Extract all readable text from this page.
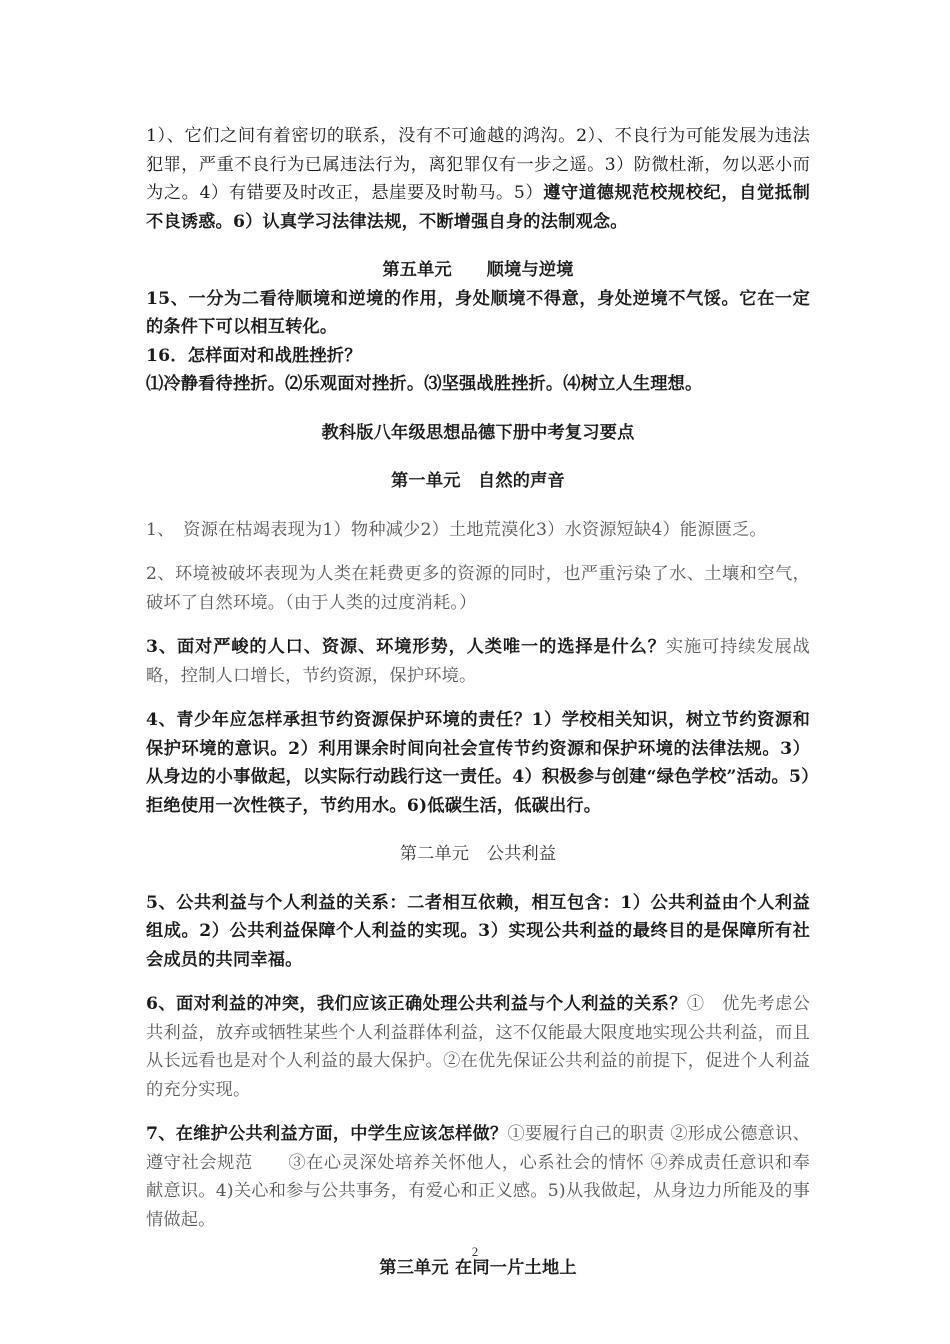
1）、它们之间有着密切的联系，没有不可逾越的鸿沟。2）、不良行为可能发展为违法犯罪，严重不良行为已属违法行为，离犯罪仅有一步之遥。3）防微杜渐，勿以恶小而为之。4）有错要及时改正，悬崖要及时勒马。5）遵守道德规范校规校纪，自觉抵制不良诱惑。6）认真学习法律法规，不断增强自身的法制观念。

第五单元　　顺境与逆境

15、一分为二看待顺境和逆境的作用，身处顺境不得意，身处逆境不气馁。它在一定的条件下可以相互转化。

16．怎样面对和战胜挫折？

⑴冷静看待挫折。⑵乐观面对挫折。⑶坚强战胜挫折。⑷树立人生理想。

教科版八年级思想品德下册中考复习要点

第一单元　自然的声音

1、　资源在枯竭表现为1）物种减少2）土地荒漠化3）水资源短缺4）能源匮乏。

2、环境被破坏表现为人类在耗费更多的资源的同时，也严重污染了水、土壤和空气，破坏了自然环境。（由于人类的过度消耗。）

3、面对严峻的人口、资源、环境形势，人类唯一的选择是什么？实施可持续发展战略，控制人口增长，节约资源，保护环境。

4、青少年应怎样承担节约资源保护环境的责任？1）学校相关知识，树立节约资源和保护环境的意识。2）利用课余时间向社会宣传节约资源和保护环境的法律法规。3）从身边的小事做起，以实际行动践行这一责任。4）积极参与创建“绿色学校”活动。5）拒绝使用一次性筷子，节约用水。6)低碳生活，低碳出行。

第二单元　公共利益

5、公共利益与个人利益的关系：二者相互依赖，相互包含：1）公共利益由个人利益组成。2）公共利益保障个人利益的实现。3）实现公共利益的最终目的是保障所有社会成员的共同幸福。

6、面对利益的冲突，我们应该正确处理公共利益与个人利益的关系？①　优先考虑公共利益，放弃或牺牲某些个人利益群体利益，这不仅能最大限度地实现公共利益，而且从长远看也是对个人利益的最大保护。②在优先保证公共利益的前提下，促进个人利益的充分实现。

7、在维护公共利益方面，中学生应该怎样做？①要履行自己的职责 ②形成公德意识、遵守社会规范　　③在心灵深处培养关怀他人，心系社会的情怀 ④养成责任意识和奉献意识。4)关心和参与公共事务，有爱心和正义感。5)从我做起，从身边力所能及的事情做起。

第三单元 在同一片土地上

2
